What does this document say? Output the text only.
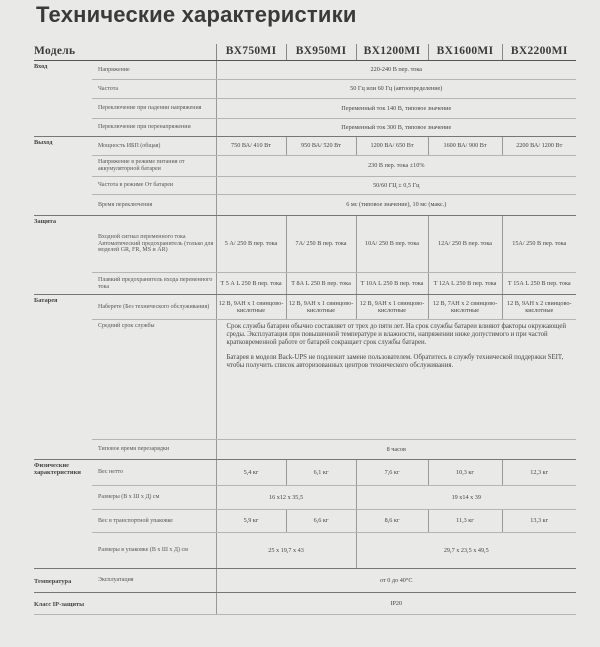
Технические характеристики
Модель		BX750MI	BX950MI	BX1200MI	BX1600MI	BX2200MI
Вход	Напряжение	220-240 В пер. тока				
	Частота	50 Гц или 60 Гц (автоопределение)				
	Переключение при падении напряжения	Переменный ток 140 В, типовое значение				
	Переключение при перенапряжении	Переменный ток 300 В, типовое значение				
Выход	Мощность ИБП (общая)	750 ВА/ 410 Вт	950 ВА/ 520 Вт	1200 ВА/ 650 Вт	1600 ВА/ 900 Вт	2200 ВА/ 1200 Вт
	Напряжение в режиме питания от аккумуляторной батареи	230 В пер. тока ±10%				
	Частота в режиме От батареи	50/60 ГЦ ± 0,5 Гц				
	Время переключения	6 мс (типовое значение), 10 мс (макс.)				
Защита	Входной сигнал переменного тока Автоматический предохранитель (только для моделей GR, FR, MS и AR)	5 А/ 250 В пер. тока	7А/ 250 В пер. тока	10А/ 250 В пер. тока	12А/ 250 В пер. тока	15А/ 250 В пер. тока
	Плавкий предохранитель входа переменного тока	Т 5 А L 250 В пер. тока	Т 8А L 250 В пер. тока	Т 10А L 250 В пер. тока	Т 12А L 250 В пер. тока	Т 15А L 250 В пер. тока
Батарея	Наберете (Без технического обслуживания)	12 В, 9АН x 1 свинцово-кислотные	12 В, 9АН x 1 свинцово-кислотные	12 В, 9АН x 1 свинцово-кислотные	12 В, 7АН x 2 свинцово-кислотные	12 В, 9АН x 2 свинцово-кислотные
	Средний срок службы	Срок службы батареи обычно составляет от трех до пяти лет. На срок службы батареи влияют факторы окружающей среды. Эксплуатация при повышенной температуре и влажности, напряжении ниже допустимого и при частой кратковременной работе от батарей сокращает срок службы батареи.

Батарея в модели Back-UPS не подлежит замене пользователем. Обратитесь в службу технической поддержки SEIT, чтобы получить список авторизованных центров технического обслуживания.				

	Типовое время перезарядки	8 часов				
Физические характеристики	Вес нетто	5,4 кг	6,1 кг	7,6 кг	10,3 кг	12,3 кг
	Размеры (В x Ш x Д) см	16 x12 x 35,5		19 x14 x 39		
	Вес в транспортной упаковке	5,9 кг	6,6 кг	8,6 кг	11,3 кг	13,3 кг
	Размеры в упаковке (В x Ш x Д) см	25 x 19,7 x 43		29,7 x 23,5 x 49,5		
Температура	Эксплуатация	от 0 до 40°С				
Класс IP-защиты		IP20				
